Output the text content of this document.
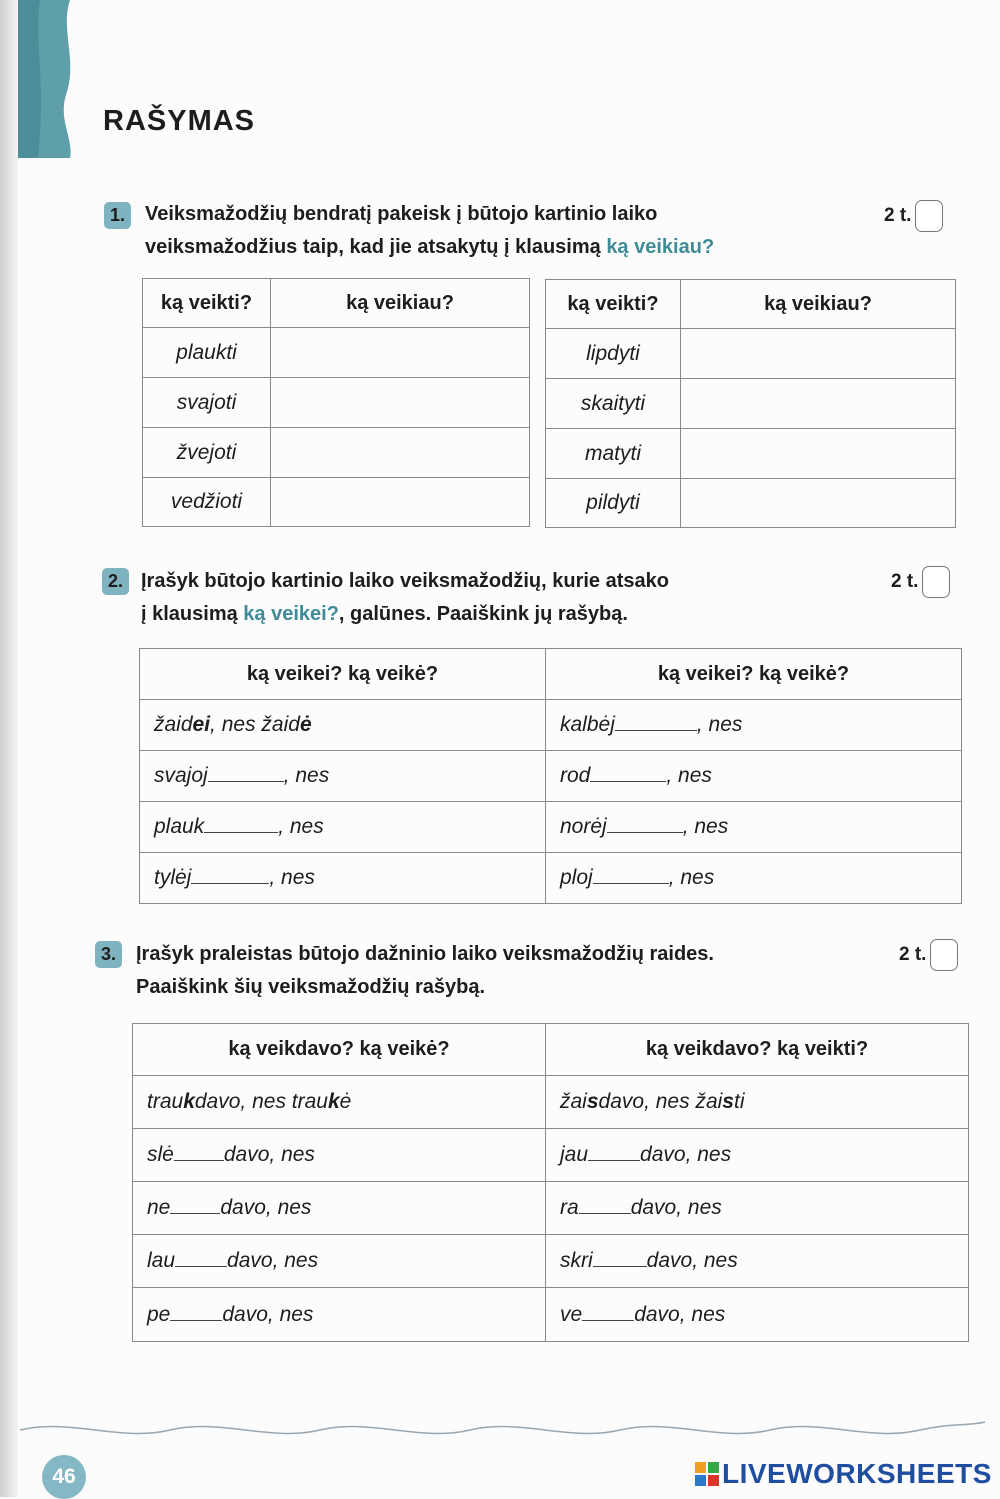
RAŠYMAS
1.	Veiksmažodžių bendratį pakeisk į būtojo kartinio laiko
veiksmažodžius taip, kad jie atsakytų į klausimą ką veikiau?
2 t.
ką veikti?	ką veikiau?
plaukti	
svajoti	
žvejoti	
vedžioti	
ką veikti?	ką veikiau?
lipdyti	
skaityti	
matyti	
pildyti	
2. Įrašyk būtojo kartinio laiko veiksmažodžių, kurie atsako
į klausimą ką veikei?, galūnes. Paaiškink jų rašybą.
2 t.
ką veikei? ką veikė?	ką veikei? ką veikė?
žaidei, nes žaidė	kalbėj , nes
svajoj , nes	rod , nes
plauk , nes	norėj , nes
tylėj , nes	ploj , nes
3.	Įrašyk praleistas būtojo dažninio laiko veiksmažodžių raides.
Paaiškink šių veiksmažodžių rašybą.
2 t.
ką veikdavo? ką veikė?	ką veikdavo? ką veikti?
traukdavo, nes traukė	žaisdavo, nes žaisti
slė davo, nes	jau davo, nes
ne davo, nes	ra davo, nes
lau davo, nes	skri davo, nes
pe davo, nes	ve davo, nes
46	LIVEWORKSHEETS
